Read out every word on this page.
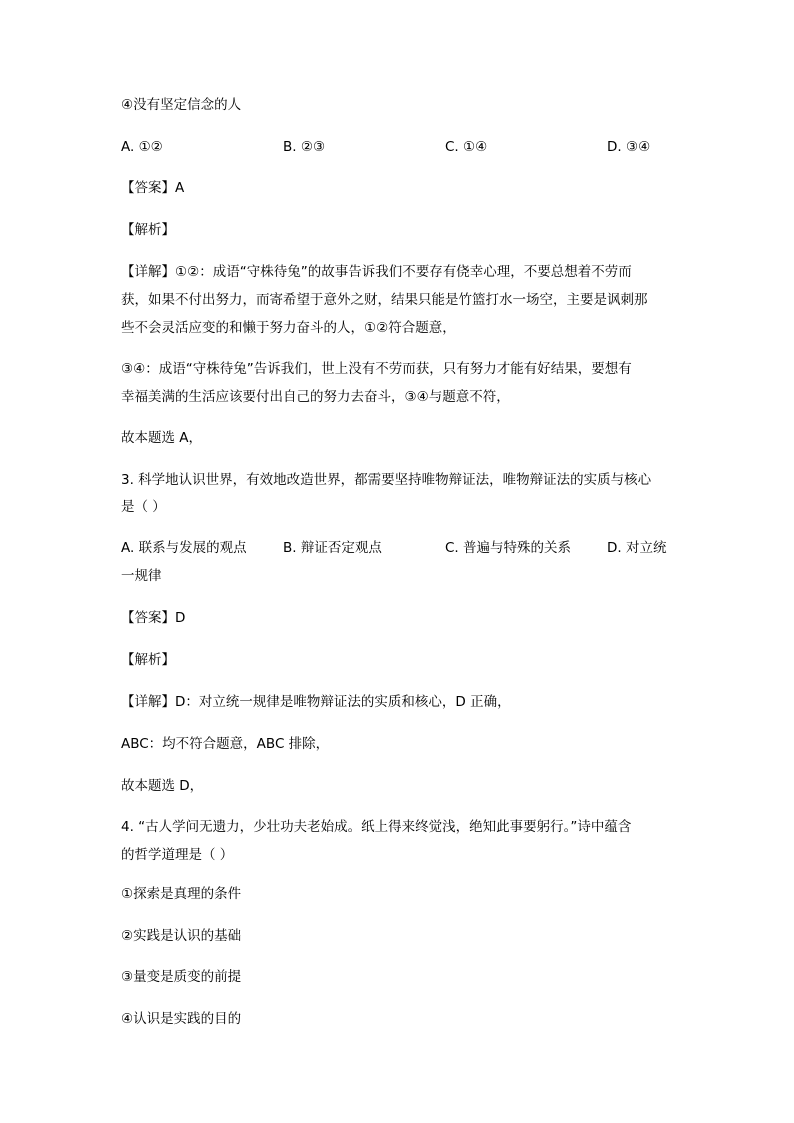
④没有坚定信念的人
A. ①②	B. ②③	C. ①④	D. ③④
【答案】A
【解析】
【详解】①②：成语“守株待兔”的故事告诉我们不要存有侥幸心理，不要总想着不劳而
获，如果不付出努力，而寄希望于意外之财，结果只能是竹篮打水一场空，主要是讽刺那
些不会灵活应变的和懒于努力奋斗的人，①②符合题意，
③④：成语“守株待兔”告诉我们，世上没有不劳而获，只有努力才能有好结果，要想有
幸福美满的生活应该要付出自己的努力去奋斗，③④与题意不符，
故本题选 A，
3. 科学地认识世界，有效地改造世界，都需要坚持唯物辩证法，唯物辩证法的实质与核心
是（ ）
A. 联系与发展的观点	B. 辩证否定观点	C. 普遍与特殊的关系	D. 对立统
一规律
【答案】D
【解析】
【详解】D：对立统一规律是唯物辩证法的实质和核心，D 正确，
ABC：均不符合题意，ABC 排除，
故本题选 D，
4. “古人学问无遗力，少壮功夫老始成。纸上得来终觉浅，绝知此事要躬行。”诗中蕴含
的哲学道理是（ ）
①探索是真理的条件
②实践是认识的基础
③量变是质变的前提
④认识是实践的目的
